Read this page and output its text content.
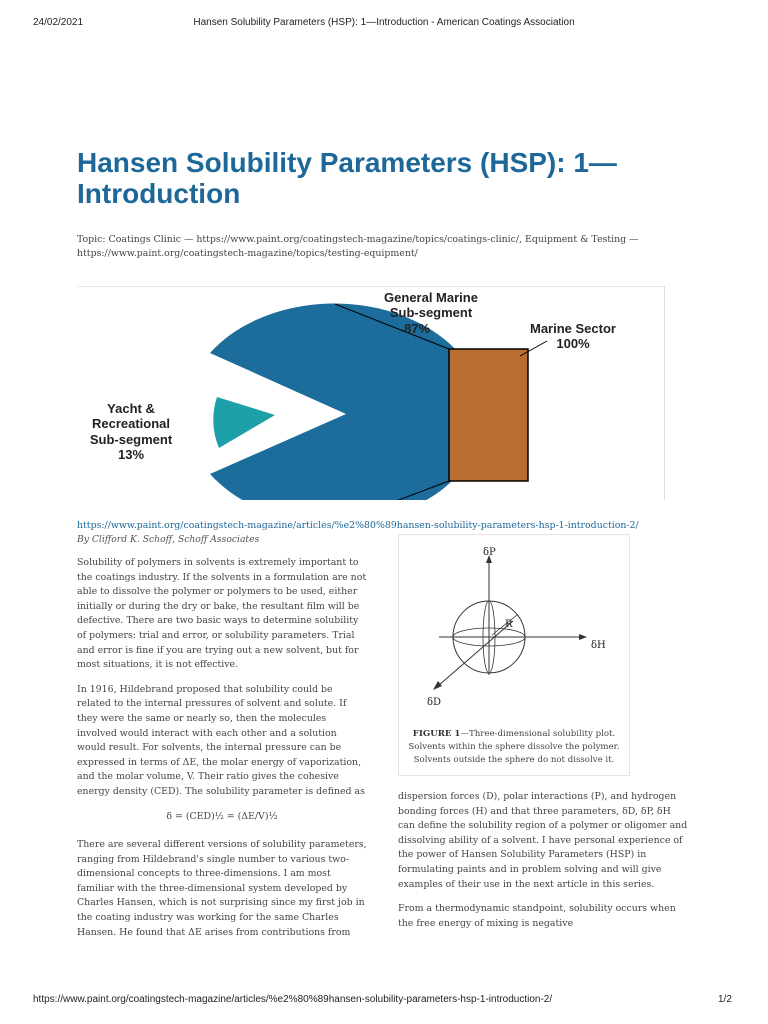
24/02/2021	Hansen Solubility Parameters (HSP): 1—Introduction - American Coatings Association
Hansen Solubility Parameters (HSP): 1—Introduction
Topic: Coatings Clinic — https://www.paint.org/coatingstech-magazine/topics/coatings-clinic/, Equipment & Testing —
https://www.paint.org/coatingstech-magazine/topics/testing-equipment/
General Marine
Sub-segment
87%	Marine Sector
100%
Yacht &
Recreational
Sub-segment
13%
https://www.paint.org/coatingstech-magazine/articles/%e2%80%89hansen-solubility-parameters-hsp-1-introduction-2/
By Clifford K. Schoff, Schoff Associates

Solubility of polymers in solvents is extremely important to the coatings industry. If the solvents in a formulation are not able to dissolve the polymer or polymers to be used, either initially or during the dry or bake, the resultant film will be defective. There are two basic ways to determine solubility of polymers: trial and error, or solubility parameters. Trial and error is fine if you are trying out a new solvent, but for most situations, it is not effective.

In 1916, Hildebrand proposed that solubility could be related to the internal pressures of solvent and solute. If they were the same or nearly so, then the molecules involved would interact with each other and a solution would result. For solvents, the internal pressure can be expressed in terms of ΔE, the molar energy of vaporization, and the molar volume, V. Their ratio gives the cohesive energy density (CED). The solubility parameter is defined as

δ = (CED)½ = (ΔE/V)½

There are several different versions of solubility parameters, ranging from Hildebrand's single number to various two-dimensional concepts to three-dimensions. I am most familiar with the three-dimensional system developed by Charles Hansen, which is not surprising since my first job in the coating industry was working for the same Charles Hansen. He found that ΔE arises from contributions from

R
δP
δH
δD
FIGURE 1—Three-dimensional solubility plot. Solvents within the sphere dissolve the polymer. Solvents outside the sphere do not dissolve it.

dispersion forces (D), polar interactions (P), and hydrogen bonding forces (H) and that three parameters, δD, δP, δH can define the solubility region of a polymer or oligomer and dissolving ability of a solvent. I have personal experience of the power of Hansen Solubility Parameters (HSP) in formulating paints and in problem solving and will give examples of their use in the next article in this series.

From a thermodynamic standpoint, solubility occurs when the free energy of mixing is negative

https://www.paint.org/coatingstech-magazine/articles/%e2%80%89hansen-solubility-parameters-hsp-1-introduction-2/	1/2
